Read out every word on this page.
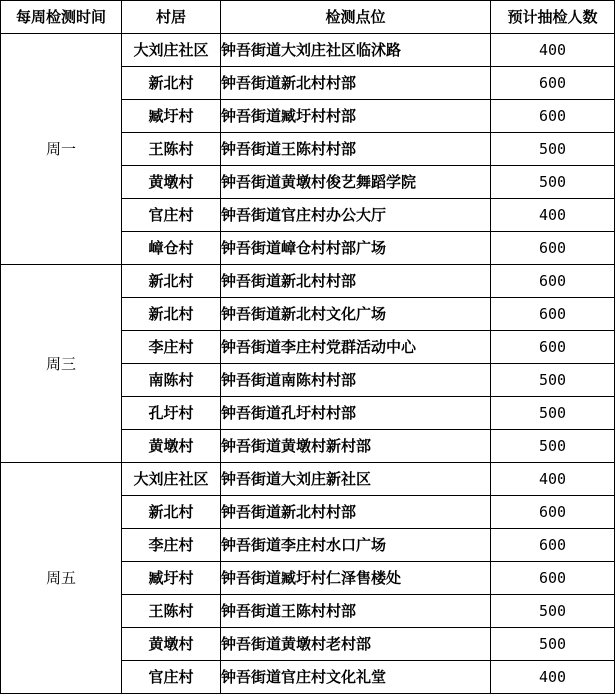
每周检测时间	村居	检测点位	预计抽检人数
周一	大刘庄社区	钟吾街道大刘庄社区临沭路	400
	新北村	钟吾街道新北村村部	600
	臧圩村	钟吾街道臧圩村村部	600
	王陈村	钟吾街道王陈村村部	500
	黄墩村	钟吾街道黄墩村俊艺舞蹈学院	500
	官庄村	钟吾街道官庄村办公大厅	400
	嶂仓村	钟吾街道嶂仓村村部广场	600
周三	新北村	钟吾街道新北村村部	600
	新北村	钟吾街道新北村文化广场	600
	李庄村	钟吾街道李庄村党群活动中心	600
	南陈村	钟吾街道南陈村村部	500
	孔圩村	钟吾街道孔圩村村部	500
	黄墩村	钟吾街道黄墩村新村部	500
周五	大刘庄社区	钟吾街道大刘庄新社区	400
	新北村	钟吾街道新北村村部	600
	李庄村	钟吾街道李庄村水口广场	600
	臧圩村	钟吾街道臧圩村仁泽售楼处	600
	王陈村	钟吾街道王陈村村部	500
	黄墩村	钟吾街道黄墩村老村部	500
	官庄村	钟吾街道官庄村文化礼堂	400
